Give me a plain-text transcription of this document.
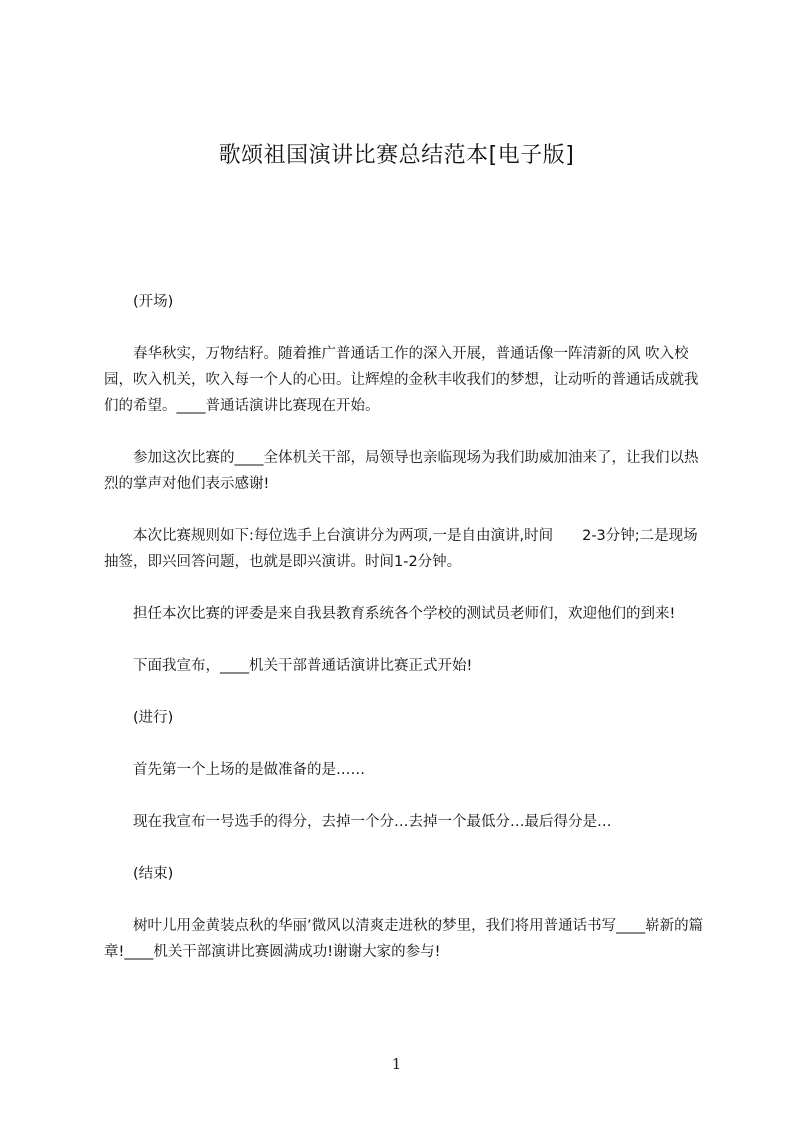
歌颂祖国演讲比赛总结范本[电子版]

(开场)

春华秋实，万物结籽。随着推广普通话工作的深入开展，普通话像一阵清新的风 吹入校园，吹入机关，吹入每一个人的心田。让辉煌的金秋丰收我们的梦想，让动听的普通话成就我们的希望。____普通话演讲比赛现在开始。

参加这次比赛的____全体机关干部，局领导也亲临现场为我们助威加油来了，让我们以热烈的掌声对他们表示感谢!

本次比赛规则如下:每位选手上台演讲分为两项,一是自由演讲,时间　　2-3分钟;二是现场抽签，即兴回答问题，也就是即兴演讲。时间1-2分钟。

担任本次比赛的评委是来自我县教育系统各个学校的测试员老师们，欢迎他们的到来!

下面我宣布，____机关干部普通话演讲比赛正式开始!

(进行)

首先第一个上场的是做准备的是……

现在我宣布一号选手的得分，去掉一个分…去掉一个最低分…最后得分是…

(结束)

树叶儿用金黄装点秋的华丽’微风以清爽走进秋的梦里，我们将用普通话书写____崭新的篇章!____机关干部演讲比赛圆满成功!谢谢大家的参与!

1
